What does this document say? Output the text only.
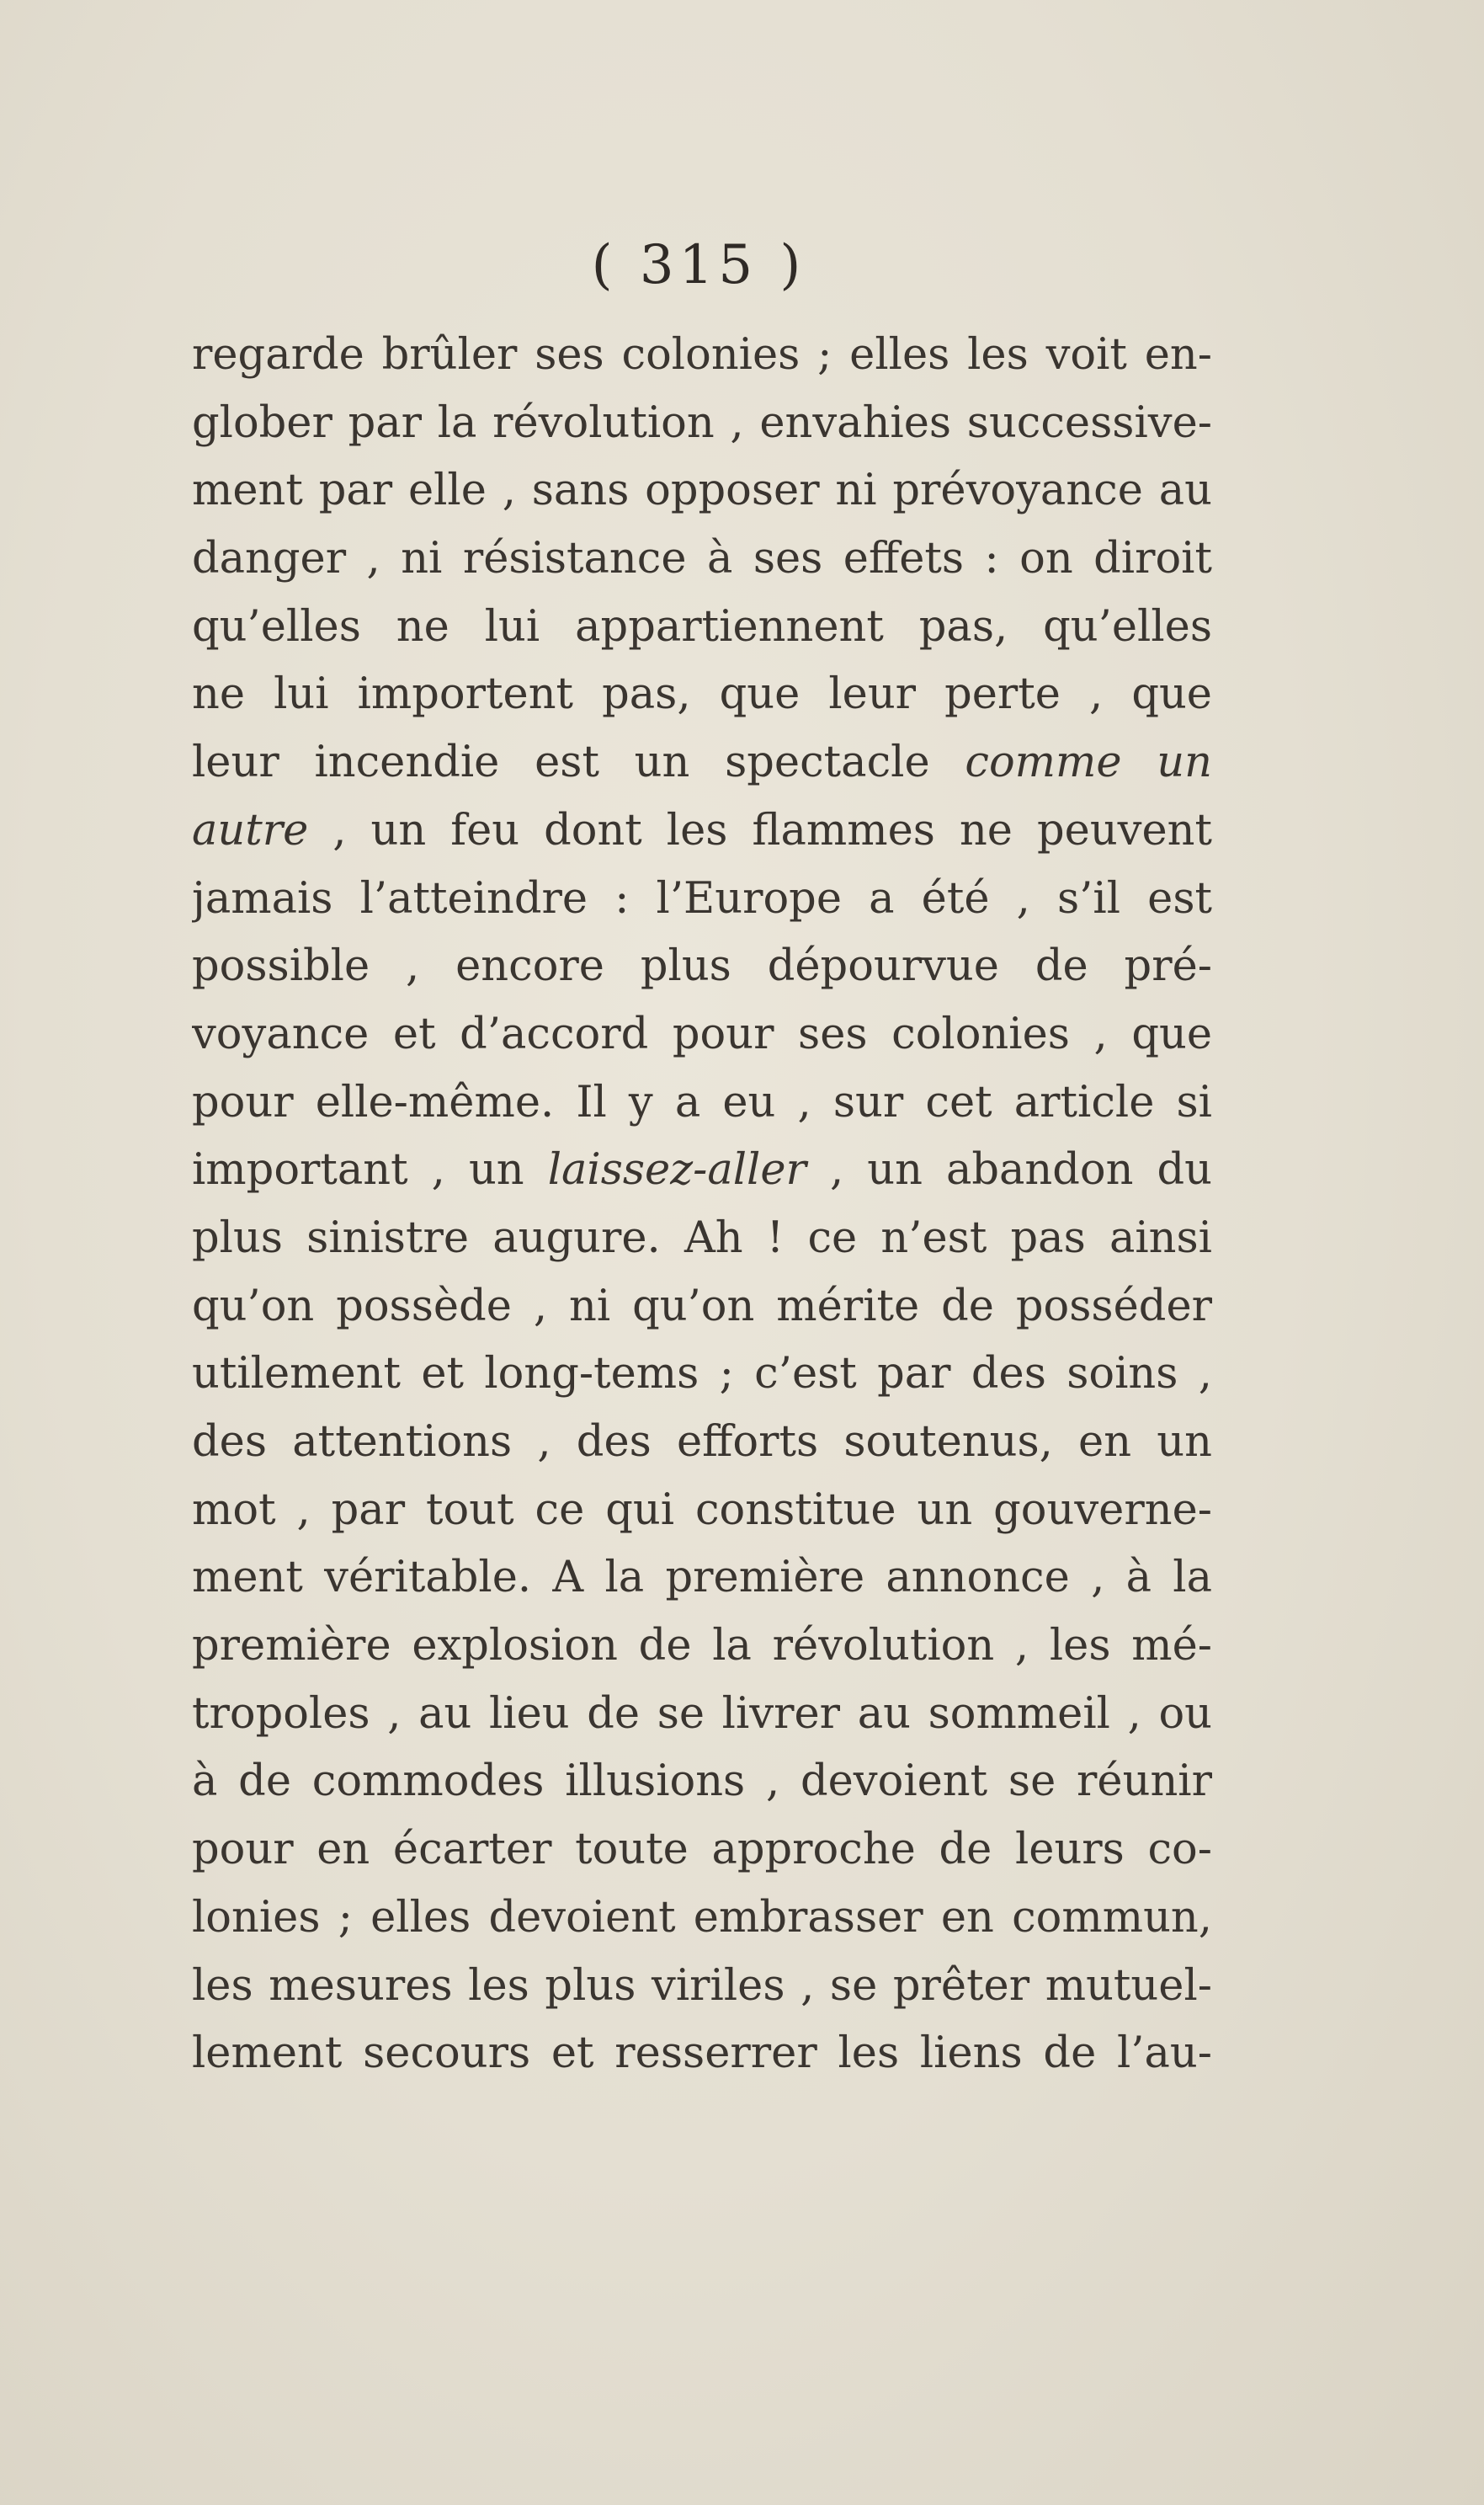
( 315 )
regarde brûler ses colonies ; elles les voit en-
glober par la révolution , envahies successive-
ment par elle , sans opposer ni prévoyance au
danger , ni résistance à ses effets : on diroit
qu’elles ne lui appartiennent pas, qu’elles
ne lui importent pas, que leur perte , que
leur incendie est un spectacle comme un
autre , un feu dont les flammes ne peuvent
jamais l’atteindre : l’Europe a été , s’il est
possible , encore plus dépourvue de pré-
voyance et d’accord pour ses colonies , que
pour elle-même. Il y a eu , sur cet article si
important , un laissez-aller , un abandon du
plus sinistre augure. Ah ! ce n’est pas ainsi
qu’on possède , ni qu’on mérite de posséder
utilement et long-tems ; c’est par des soins ,
des attentions , des efforts soutenus, en un
mot , par tout ce qui constitue un gouverne-
ment véritable. A la première annonce , à la
première explosion de la révolution , les mé-
tropoles , au lieu de se livrer au sommeil , ou
à de commodes illusions , devoient se réunir
pour en écarter toute approche de leurs co-
lonies ; elles devoient embrasser en commun,
les mesures les plus viriles , se prêter mutuel-
lement secours et resserrer les liens de l’au-
